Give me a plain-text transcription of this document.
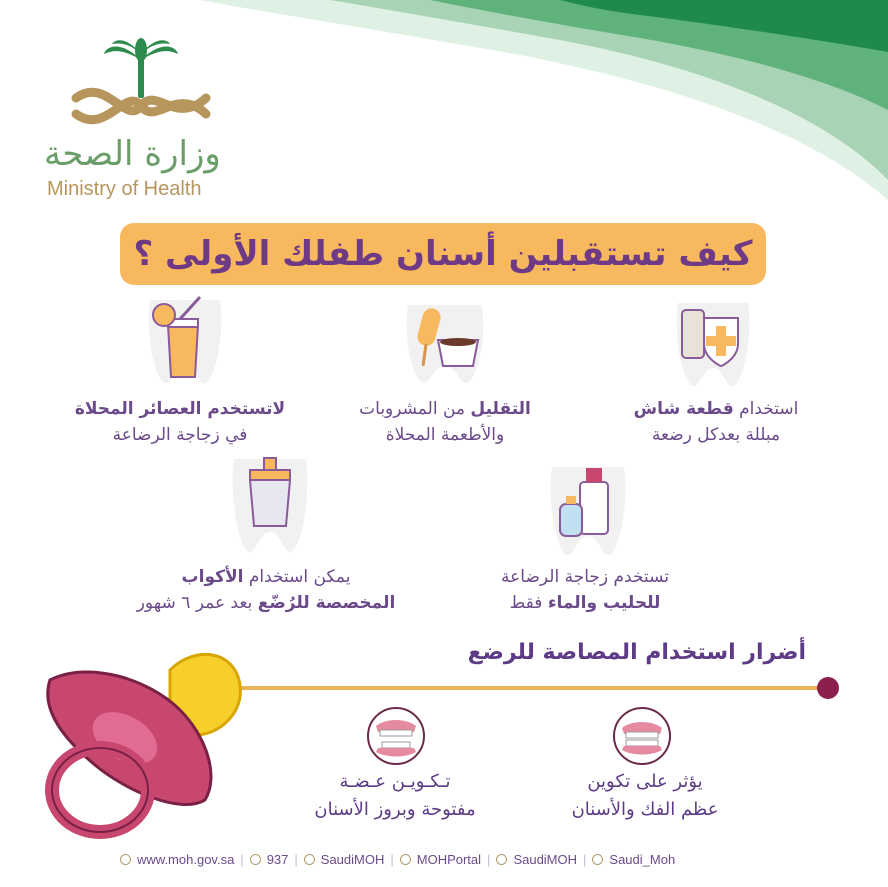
وزارة الصحة
Ministry of Health
كيف تستقبلين أسنان طفلك الأولى ؟
استخدام قطعة شاش
مبللة بعدكل رضعة
التقليل من المشروبات
والأطعمة المحلاة
لاتستخدم العصائر المحلاة
في زجاجة الرضاعة
تستخدم زجاجة الرضاعة
للحليب والماء فقط
يمكن استخدام الأكواب
المخصصة للرُضّع بعد عمر ٦ شهور
أضرار استخدام المصاصة للرضع
يؤثر على تكوين
عظم الفك والأسنان
تـكـويـن عـضـة
مفتوحة وبروز الأسنان
www.moh.gov.sa | 937 | SaudiMOH | MOHPortal | SaudiMOH | Saudi_Moh
